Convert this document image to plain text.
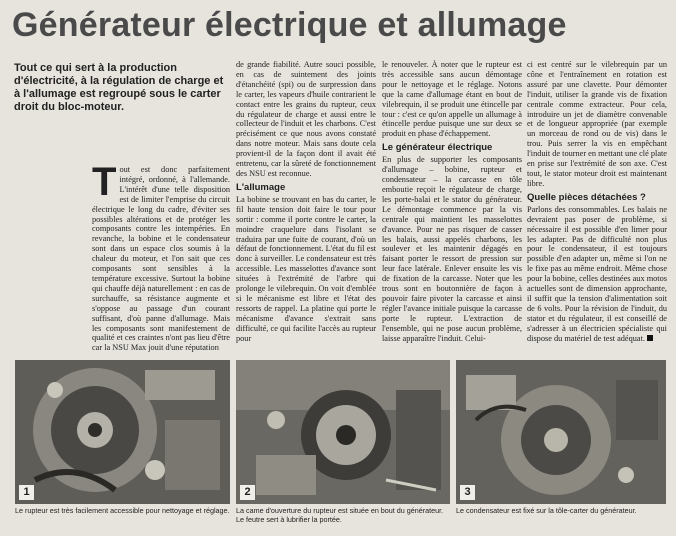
Générateur électrique et allumage
Tout ce qui sert à la production d'électricité, à la régulation de charge et à l'allumage est regroupé sous le carter droit du bloc-moteur.

Tout est donc parfaitement intégré, ordonné, à l'allemande. L'intérêt d'une telle disposition est de limiter l'emprise du circuit électrique le long du cadre, d'éviter ses possibles altérations et de protéger les composants contre les intempéries. En revanche, la bobine et le condensateur sont dans un espace clos soumis à la chaleur du moteur, et l'on sait que ces composants sont sensibles à la température excessive. Surtout la bobine qui chauffe déjà naturellement : en cas de surchauffe, sa résistance augmente et s'oppose au passage d'un courant suffisant, d'où panne d'allumage. Mais les composants sont manifestement de qualité et ces craintes n'ont pas lieu d'être car la NSU Max jouit d'une réputation

de grande fiabilité. Autre souci possible, en cas de suintement des joints d'étanchéité (spi) ou de surpression dans le carter, les vapeurs d'huile contrarient le contact entre les grains du rupteur, ceux du régulateur de charge et aussi entre le collecteur de l'induit et les charbons. C'est précisément ce que nous avons constaté dans notre moteur. Mais sans doute cela provient-il de la façon dont il avait été entretenu, car la sûreté de fonctionnement des NSU est reconnue.

L'allumage

La bobine se trouvant en bas du carter, le fil haute tension doit faire le tour pour sortir : comme il porte contre le carter, la moindre craquelure dans l'isolant se traduira par une fuite de courant, d'où un défaut de fonctionnement. L'état du fil est donc à surveiller. Le condensateur est très accessible. Les masselottes d'avance sont situées à l'extrémité de l'arbre qui prolonge le vilebrequin. On voit d'emblée si le mécanisme est libre et l'état des ressorts de rappel. La platine qui porte le mécanisme d'avance s'extrait sans difficulté, ce qui facilite l'accès au rupteur pour

le renouveler. À noter que le rupteur est très accessible sans aucun démontage pour le nettoyage et le réglage. Notons que la came d'allumage étant en bout de vilebrequin, il se produit une étincelle par tour : c'est ce qu'on appelle un allumage à étincelle perdue puisque une sur deux se produit en phase d'échappement.

Le générateur électrique

En plus de supporter les composants d'allumage – bobine, rupteur et condensateur – la carcasse en tôle emboutie reçoit le régulateur de charge, les porte-balai et le stator du générateur. Le démontage commence par la vis centrale qui maintient les masselottes d'avance. Pour ne pas risquer de casser les balais, aussi appelés charbons, les soulever et les maintenir dégagés en faisant porter le ressort de pression sur leur face latérale. Enlever ensuite les vis de fixation de la carcasse. Noter que les trous sont en boutonnière de façon à pouvoir faire pivoter la carcasse et ainsi régler l'avance initiale puisque la carcasse porte le rupteur. L'extraction de l'ensemble, qui ne pose aucun problème, laisse apparaître l'induit. Celui-

ci est centré sur le vilebrequin par un cône et l'entraînement en rotation est assuré par une clavette. Pour démonter l'induit, utiliser la grande vis de fixation centrale comme extracteur. Pour cela, introduire un jet de diamètre convenable et de longueur appropriée (par exemple un morceau de rond ou de vis) dans le trou. Puis serrer la vis en empêchant l'induit de tourner en mettant une clé plate en prise sur l'extrémité de son axe. C'est tout, le stator moteur droit est maintenant libre.

Quelle pièces détachées ?

Parlons des consommables. Les balais ne devraient pas poser de problème, si nécessaire il est possible d'en limer pour les adapter. Pas de difficulté non plus pour le condensateur, il est toujours possible d'en adapter un, même si l'on ne le fixe pas au même endroit. Même chose pour la bobine, celles destinées aux motos actuelles sont de dimension approchante, il suffit que la tension d'alimentation soit de 6 volts. Pour la révision de l'induit, du stator et du régulateur, il est conseillé de s'adresser à un électricien spécialiste qui dispose du matériel de test adéquat.

1	2	3
Le rupteur est très facilement accessible pour nettoyage et réglage. La came d'ouverture du rupteur est située en bout du générateur. Le feutre sert à lubrifier la portée.
Le condensateur est fixé sur la tôle-carter du générateur.
